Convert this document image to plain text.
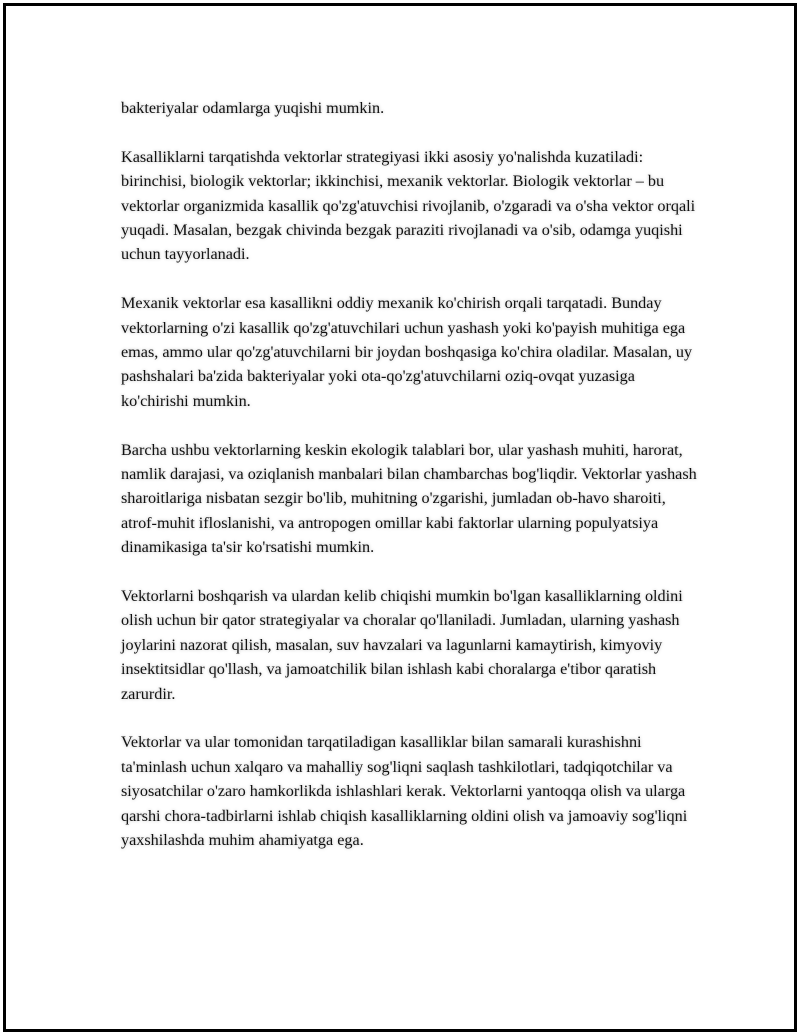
bakteriyalar odamlarga yuqishi mumkin.

Kasalliklarni tarqatishda vektorlar strategiyasi ikki asosiy yo'nalishda kuzatiladi: birinchisi, biologik vektorlar; ikkinchisi, mexanik vektorlar. Biologik vektorlar – bu vektorlar organizmida kasallik qo'zg'atuvchisi rivojlanib, o'zgaradi va o'sha vektor orqali yuqadi. Masalan, bezgak chivinda bezgak paraziti rivojlanadi va o'sib, odamga yuqishi uchun tayyorlanadi.

Mexanik vektorlar esa kasallikni oddiy mexanik ko'chirish orqali tarqatadi. Bunday vektorlarning o'zi kasallik qo'zg'atuvchilari uchun yashash yoki ko'payish muhitiga ega emas, ammo ular qo'zg'atuvchilarni bir joydan boshqasiga ko'chira oladilar. Masalan, uy pashshalari ba'zida bakteriyalar yoki ota-qo'zg'atuvchilarni oziq-ovqat yuzasiga ko'chirishi mumkin.

Barcha ushbu vektorlarning keskin ekologik talablari bor, ular yashash muhiti, harorat, namlik darajasi, va oziqlanish manbalari bilan chambarchas bog'liqdir. Vektorlar yashash sharoitlariga nisbatan sezgir bo'lib, muhitning o'zgarishi, jumladan ob-havo sharoiti, atrof-muhit ifloslanishi, va antropogen omillar kabi faktorlar ularning populyatsiya dinamikasiga ta'sir ko'rsatishi mumkin.

Vektorlarni boshqarish va ulardan kelib chiqishi mumkin bo'lgan kasalliklarning oldini olish uchun bir qator strategiyalar va choralar qo'llaniladi. Jumladan, ularning yashash joylarini nazorat qilish, masalan, suv havzalari va lagunlarni kamaytirish, kimyoviy insektitsidlar qo'llash, va jamoatchilik bilan ishlash kabi choralarga e'tibor qaratish zarurdir.

Vektorlar va ular tomonidan tarqatiladigan kasalliklar bilan samarali kurashishni ta'minlash uchun xalqaro va mahalliy sog'liqni saqlash tashkilotlari, tadqiqotchilar va siyosatchilar o'zaro hamkorlikda ishlashlari kerak. Vektorlarni yantoqqa olish va ularga qarshi chora-tadbirlarni ishlab chiqish kasalliklarning oldini olish va jamoaviy sog'liqni yaxshilashda muhim ahamiyatga ega.
